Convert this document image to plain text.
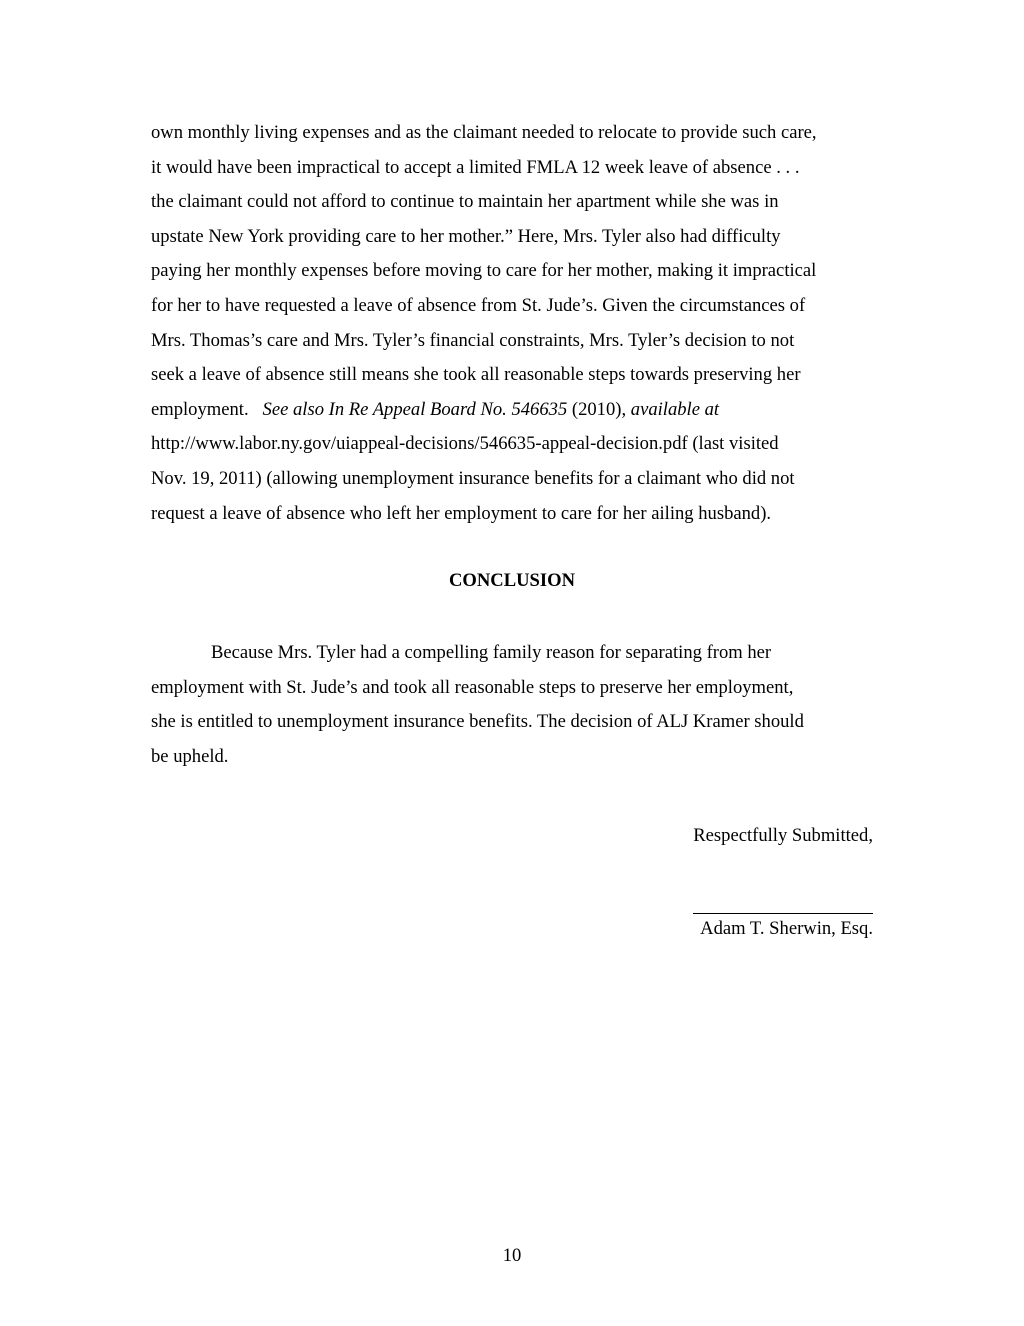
own monthly living expenses and as the claimant needed to relocate to provide such care,
it would have been impractical to accept a limited FMLA 12 week leave of absence . . .
the claimant could not afford to continue to maintain her apartment while she was in
upstate New York providing care to her mother.” Here, Mrs. Tyler also had difficulty
paying her monthly expenses before moving to care for her mother, making it impractical
for her to have requested a leave of absence from St. Jude’s. Given the circumstances of
Mrs. Thomas’s care and Mrs. Tyler’s financial constraints, Mrs. Tyler’s decision to not
seek a leave of absence still means she took all reasonable steps towards preserving her
employment.   See also In Re Appeal Board No. 546635 (2010), available at
http://www.labor.ny.gov/uiappeal-decisions/546635-appeal-decision.pdf (last visited
Nov. 19, 2011) (allowing unemployment insurance benefits for a claimant who did not
request a leave of absence who left her employment to care for her ailing husband).
CONCLUSION
Because Mrs. Tyler had a compelling family reason for separating from her
employment with St. Jude’s and took all reasonable steps to preserve her employment,
she is entitled to unemployment insurance benefits. The decision of ALJ Kramer should
be upheld.
Respectfully Submitted,
Adam T. Sherwin, Esq.
10
